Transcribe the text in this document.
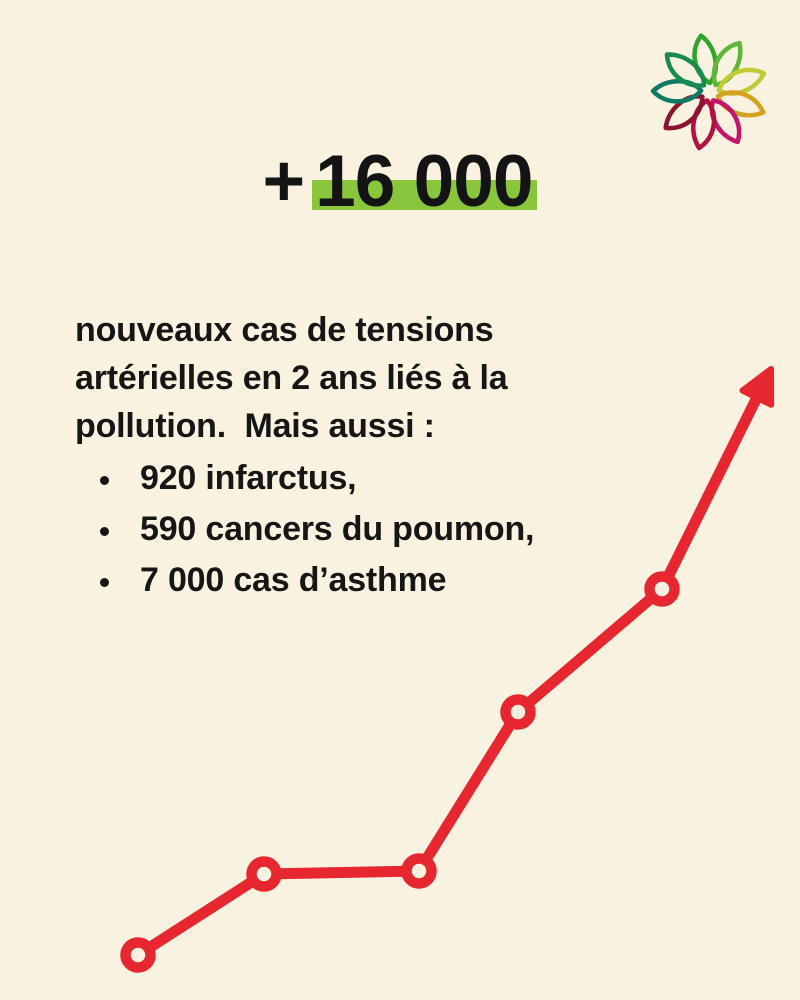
+ 16 000
nouveaux cas de tensions
artérielles en 2 ans liés à la
pollution.  Mais aussi :
920 infarctus,
590 cancers du poumon,
7 000 cas d’asthme
